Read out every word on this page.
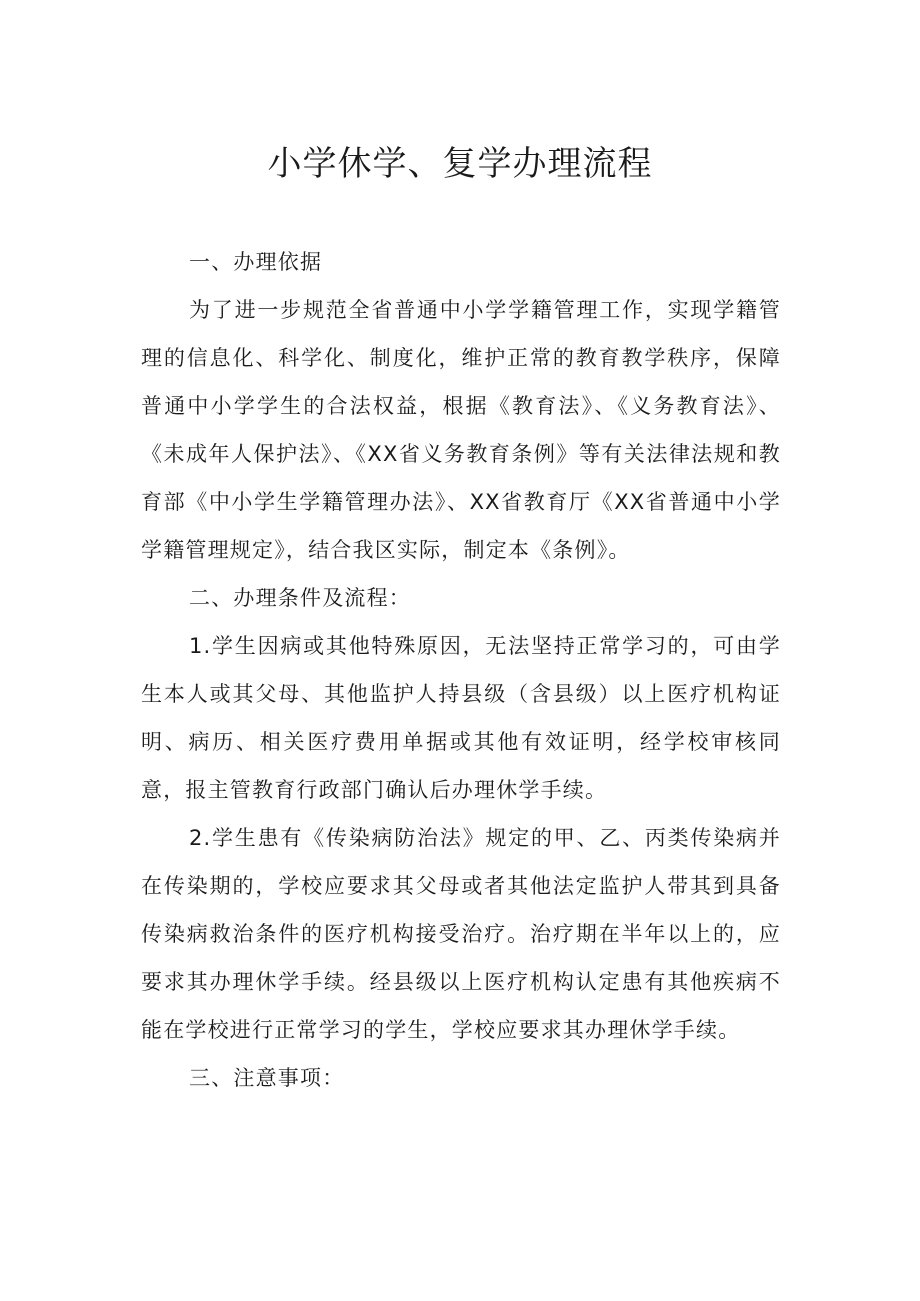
小学休学、复学办理流程

一、办理依据

为了进一步规范全省普通中小学学籍管理工作，实现学籍管理的信息化、科学化、制度化，维护正常的教育教学秩序，保障普通中小学学生的合法权益，根据《教育法》、《义务教育法》、《未成年人保护法》、《XX省义务教育条例》等有关法律法规和教育部《中小学生学籍管理办法》、XX省教育厅《XX省普通中小学学籍管理规定》，结合我区实际，制定本《条例》。

二、办理条件及流程：

1.学生因病或其他特殊原因，无法坚持正常学习的，可由学生本人或其父母、其他监护人持县级（含县级）以上医疗机构证明、病历、相关医疗费用单据或其他有效证明，经学校审核同意，报主管教育行政部门确认后办理休学手续。

2.学生患有《传染病防治法》规定的甲、乙、丙类传染病并在传染期的，学校应要求其父母或者其他法定监护人带其到具备传染病救治条件的医疗机构接受治疗。治疗期在半年以上的，应要求其办理休学手续。经县级以上医疗机构认定患有其他疾病不能在学校进行正常学习的学生，学校应要求其办理休学手续。

三、注意事项：
